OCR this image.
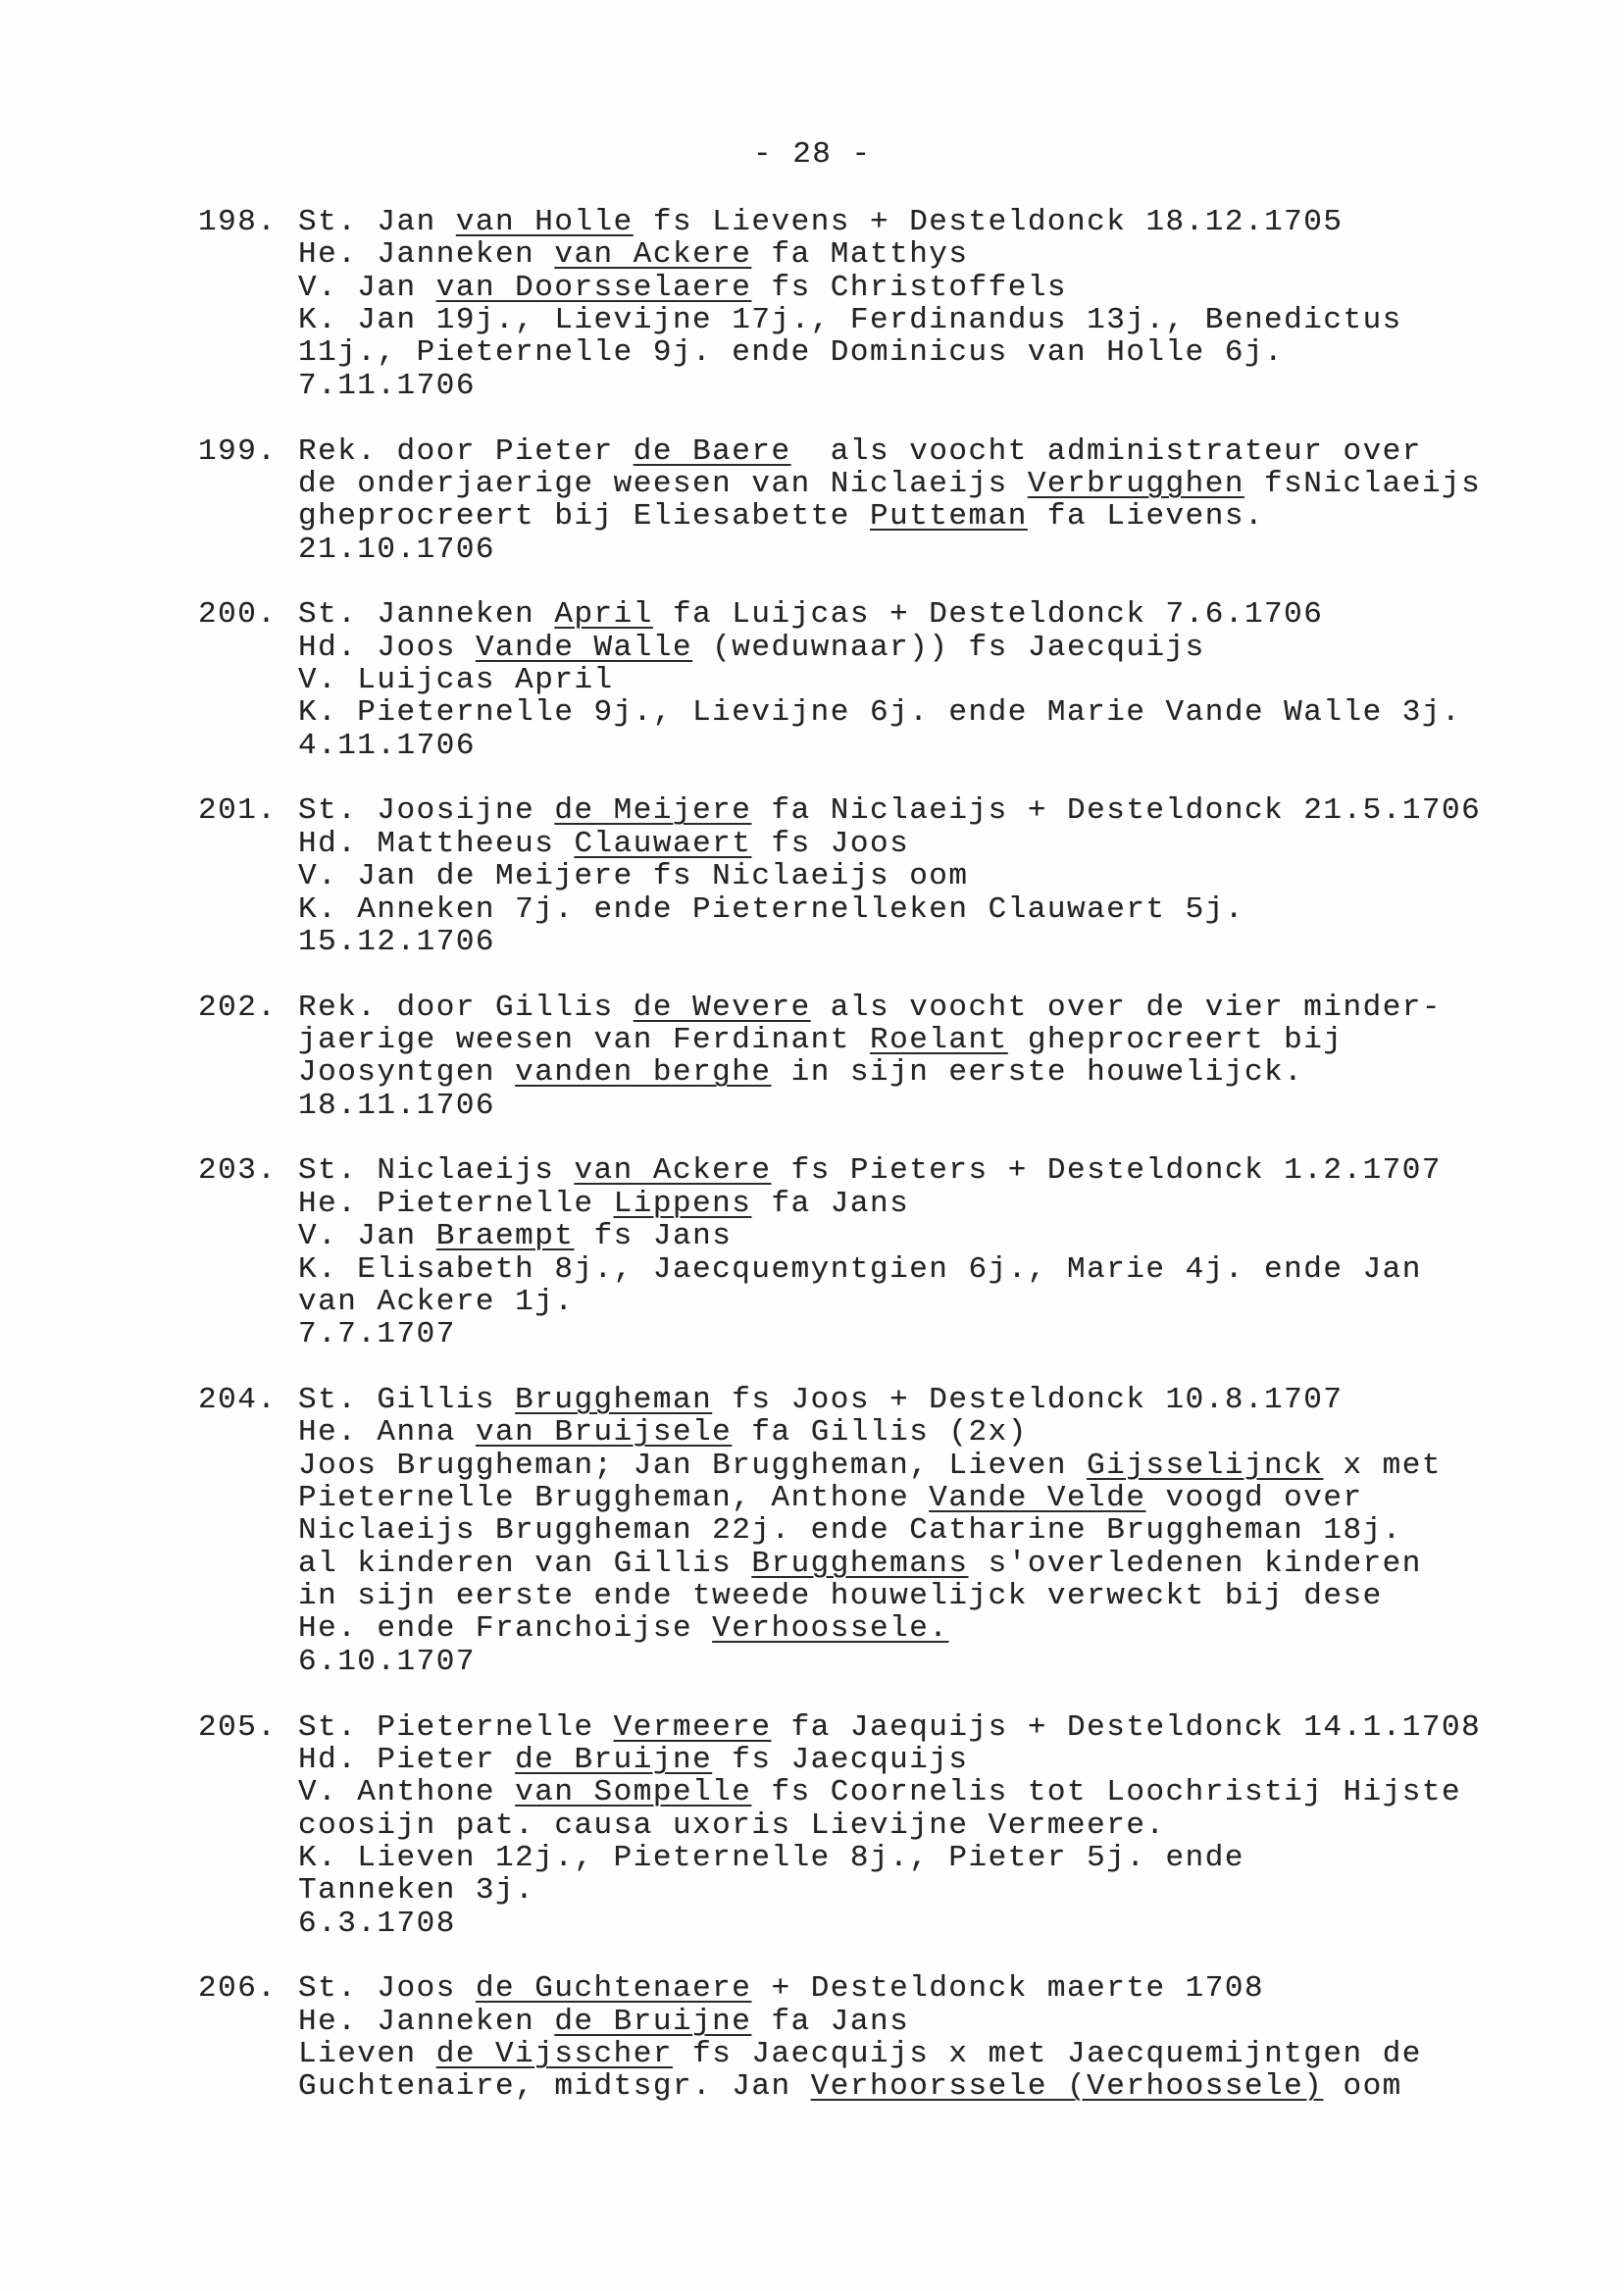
- 28 -
198. St. Jan van Holle fs Lievens + Desteldonck 18.12.1705
He. Janneken van Ackere fa Matthys
V. Jan van Doorsselaere fs Christoffels
K. Jan 19j., Lievijne 17j., Ferdinandus 13j., Benedictus
11j., Pieternelle 9j. ende Dominicus van Holle 6j.
7.11.1706
199. Rek. door Pieter de Baere  als voocht administrateur over
de onderjaerige weesen van Niclaeijs Verbrugghen fsNiclaeijs
gheprocreert bij Eliesabette Putteman fa Lievens.
21.10.1706
200. St. Janneken April fa Luijcas + Desteldonck 7.6.1706
Hd. Joos Vande Walle (weduwnaar)) fs Jaecquijs
V. Luijcas April
K. Pieternelle 9j., Lievijne 6j. ende Marie Vande Walle 3j.
4.11.1706
201. St. Joosijne de Meijere fa Niclaeijs + Desteldonck 21.5.1706
Hd. Mattheeus Clauwaert fs Joos
V. Jan de Meijere fs Niclaeijs oom
K. Anneken 7j. ende Pieternelleken Clauwaert 5j.
15.12.1706
202. Rek. door Gillis de Wevere als voocht over de vier minder-
jaerige weesen van Ferdinant Roelant gheprocreert bij
Joosyntgen vanden berghe in sijn eerste houwelijck.
18.11.1706
203. St. Niclaeijs van Ackere fs Pieters + Desteldonck 1.2.1707
He. Pieternelle Lippens fa Jans
V. Jan Braempt fs Jans
K. Elisabeth 8j., Jaecquemyntgien 6j., Marie 4j. ende Jan
van Ackere 1j.
7.7.1707
204. St. Gillis Bruggheman fs Joos + Desteldonck 10.8.1707
He. Anna van Bruijsele fa Gillis (2x)
Joos Bruggheman; Jan Bruggheman, Lieven Gijsselijnck x met
Pieternelle Bruggheman, Anthone Vande Velde voogd over
Niclaeijs Bruggheman 22j. ende Catharine Bruggheman 18j.
al kinderen van Gillis Brugghemans s'overledenen kinderen
in sijn eerste ende tweede houwelijck verweckt bij dese
He. ende Franchoijse Verhoossele.
6.10.1707
205. St. Pieternelle Vermeere fa Jaequijs + Desteldonck 14.1.1708
Hd. Pieter de Bruijne fs Jaecquijs
V. Anthone van Sompelle fs Coornelis tot Loochristij Hijste
coosijn pat. causa uxoris Lievijne Vermeere.
K. Lieven 12j., Pieternelle 8j., Pieter 5j. ende
Tanneken 3j.
6.3.1708
206. St. Joos de Guchtenaere + Desteldonck maerte 1708
He. Janneken de Bruijne fa Jans
Lieven de Vijsscher fs Jaecquijs x met Jaecquemijntgen de
Guchtenaire, midtsgr. Jan Verhoorssele (Verhoossele) oom
